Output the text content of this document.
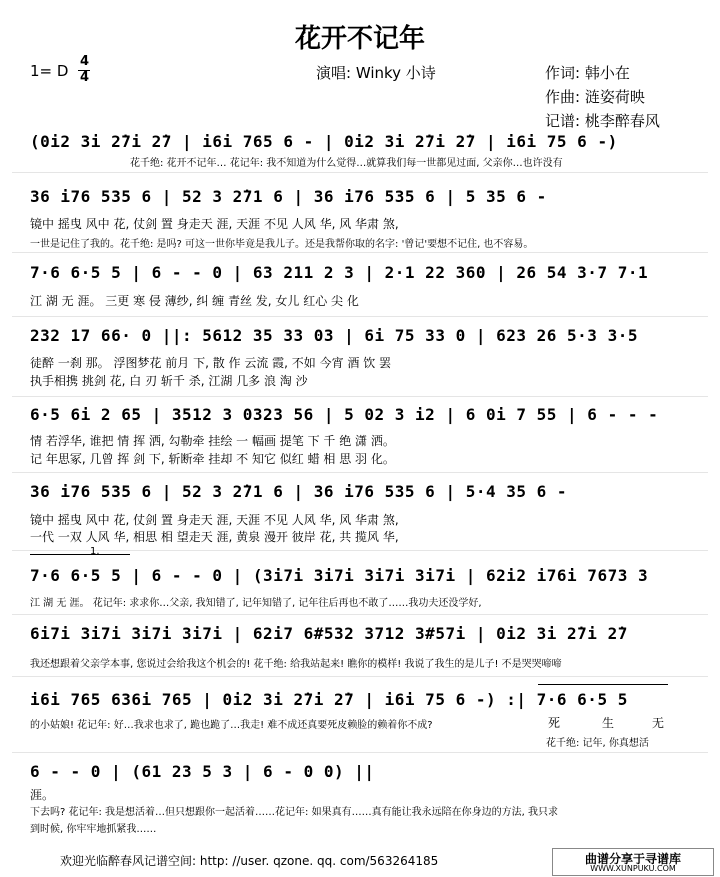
花开不记年
1= D
4
4	演唱: Winky 小诗	作词: 韩小在
作曲: 涟姿荷映
记谱: 桃李醉春风
(0i2 3i 2̇7i 2̇7 | i6i 765 6 - | 0i2 3i 2̇7i 2̇7 | i6i 75 6 -)
花千绝: 花开不记年… 花记年: 我不知道为什么觉得…就算我们每一世都见过面, 父亲你…也许没有
36 i76 535 6 | 52 3 2̇71 6 | 36 i76 535 6 | 5 35 6 -
镜中 摇曳 风中 花, 仗剑 置 身走天 涯, 天涯 不见 人风 华, 风 华肃 煞,
一世是记住了我的。花千绝: 是吗? 可这一世你毕竟是我儿子。还是我帮你取的名字: '曾记'要想不记住, 也不容易。
7·6 6·5 5 | 6 - - 0 | 63 211 2 3 | 2·1 22 360 | 26 54 3·7 7·1
江 湖 无 涯。 三更 寒 侵 薄纱, 纠 缠 青丝 发, 女儿 红心 尖 化
232 17 66· 0 ||: 5612 35 33 03 | 6i 75 33 0 | 623 26 5·3 3·5
徒醉 一刹 那。 浮图梦花 前月 下, 散 作 云流 霞, 不如 今宵 酒 饮 罢
执手相携 挑剑 花, 白 刃 斩千 杀, 江湖 几多 浪 淘 沙
6·5 6i 2 65 | 3512 3 0323 56 | 5 02 3 i2 | 6 0i 7 55 | 6 - - -
情 若浮华, 谁把 情 挥 洒, 勾勒牵 挂绘 一 幅画 提笔 下 千 绝 潇 洒。
记 年思冢, 几曾 挥 剑 下, 斩断牵 挂却 不 知它 似红 蜡 相 思 羽 化。
36 i76 535 6 | 52 3 2̇71 6 | 36 i76 535 6 | 5·4 35 6 -
镜中 摇曳 风中 花, 仗剑 置 身走天 涯, 天涯 不见 人风 华, 风 华肃 煞,
一代 一双 人风 华, 相思 相 望走天 涯, 黄泉 漫开 彼岸 花, 共 揽风 华,
1.
7·6 6·5 5 | 6 - - 0 | (3i7i 3i7i 3i7i 3i7i | 62i2 i76i 7673 3
江 湖 无 涯。 花记年: 求求你…父亲, 我知错了, 记年知错了, 记年往后再也不敢了……我功夫还没学好,
6i7i 3i7i 3i7i 3i7i | 62i7 6#532 3712 3#57i | 0i2 3i 2̇7i 2̇7
我还想跟着父亲学本事, 您说过会给我这个机会的! 花千绝: 给我站起来! 瞧你的模样! 我说了我生的是儿子! 不是哭哭啼啼
i6i 765 636i 765 | 0i2 3i 2̇7i 2̇7 | i6i 75 6 -) :| 7·6 6·5 5
的小姑娘! 花记年: 好…我求也求了, 跪也跪了…我走! 难不成还真要死皮赖脸的赖着你不成?	死	生	无
花千绝: 记年, 你真想活
6 - - 0 | (61 23 5 3 | 6 - 0 0) ||
涯。
下去吗? 花记年: 我是想活着…但只想跟你一起活着……花记年: 如果真有……真有能让我永远陪在你身边的方法, 我只求
到时候, 你牢牢地抓紧我……
欢迎光临醉春风记谱空间: http: //user. qzone. qq. com/563264185	曲谱分享于寻谱库
WWW.XUNPUKU.COM
